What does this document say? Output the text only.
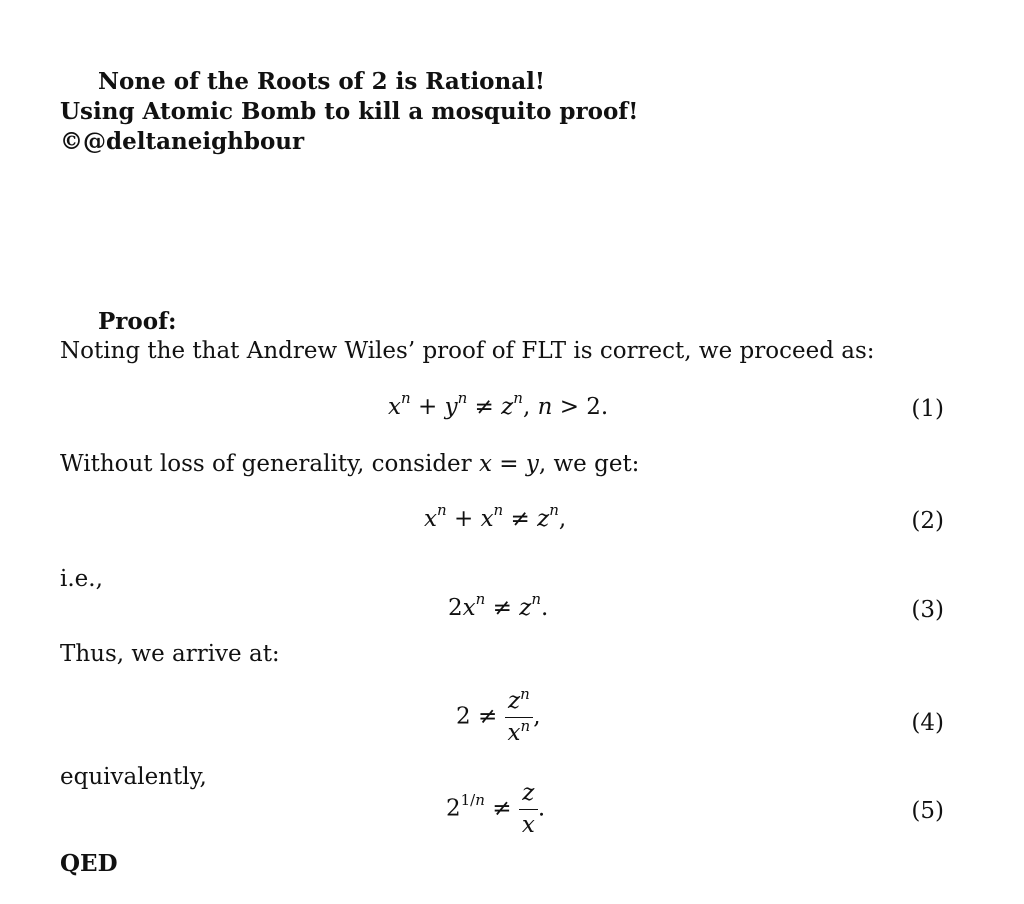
None of the Roots of 2 is Rational!
Using Atomic Bomb to kill a mosquito proof!
©@deltaneighbour
Proof:
Noting the that Andrew Wiles’ proof of FLT is correct, we proceed as:
$x^n + y^n \ne z^n$, n > 2.	(1)
Without loss of generality, consider x = y, we get:
$x^n + x^n \ne z^n$,	(2)
i.e.,
$2x^n \ne z^n$.	(3)
Thus, we arrive at:
$2 \ne \frac{z^n}{x^n}$ ,	(4)
equivalently,
$2^{1/n} \ne \frac{z}{x}$ .	(5)
QED
